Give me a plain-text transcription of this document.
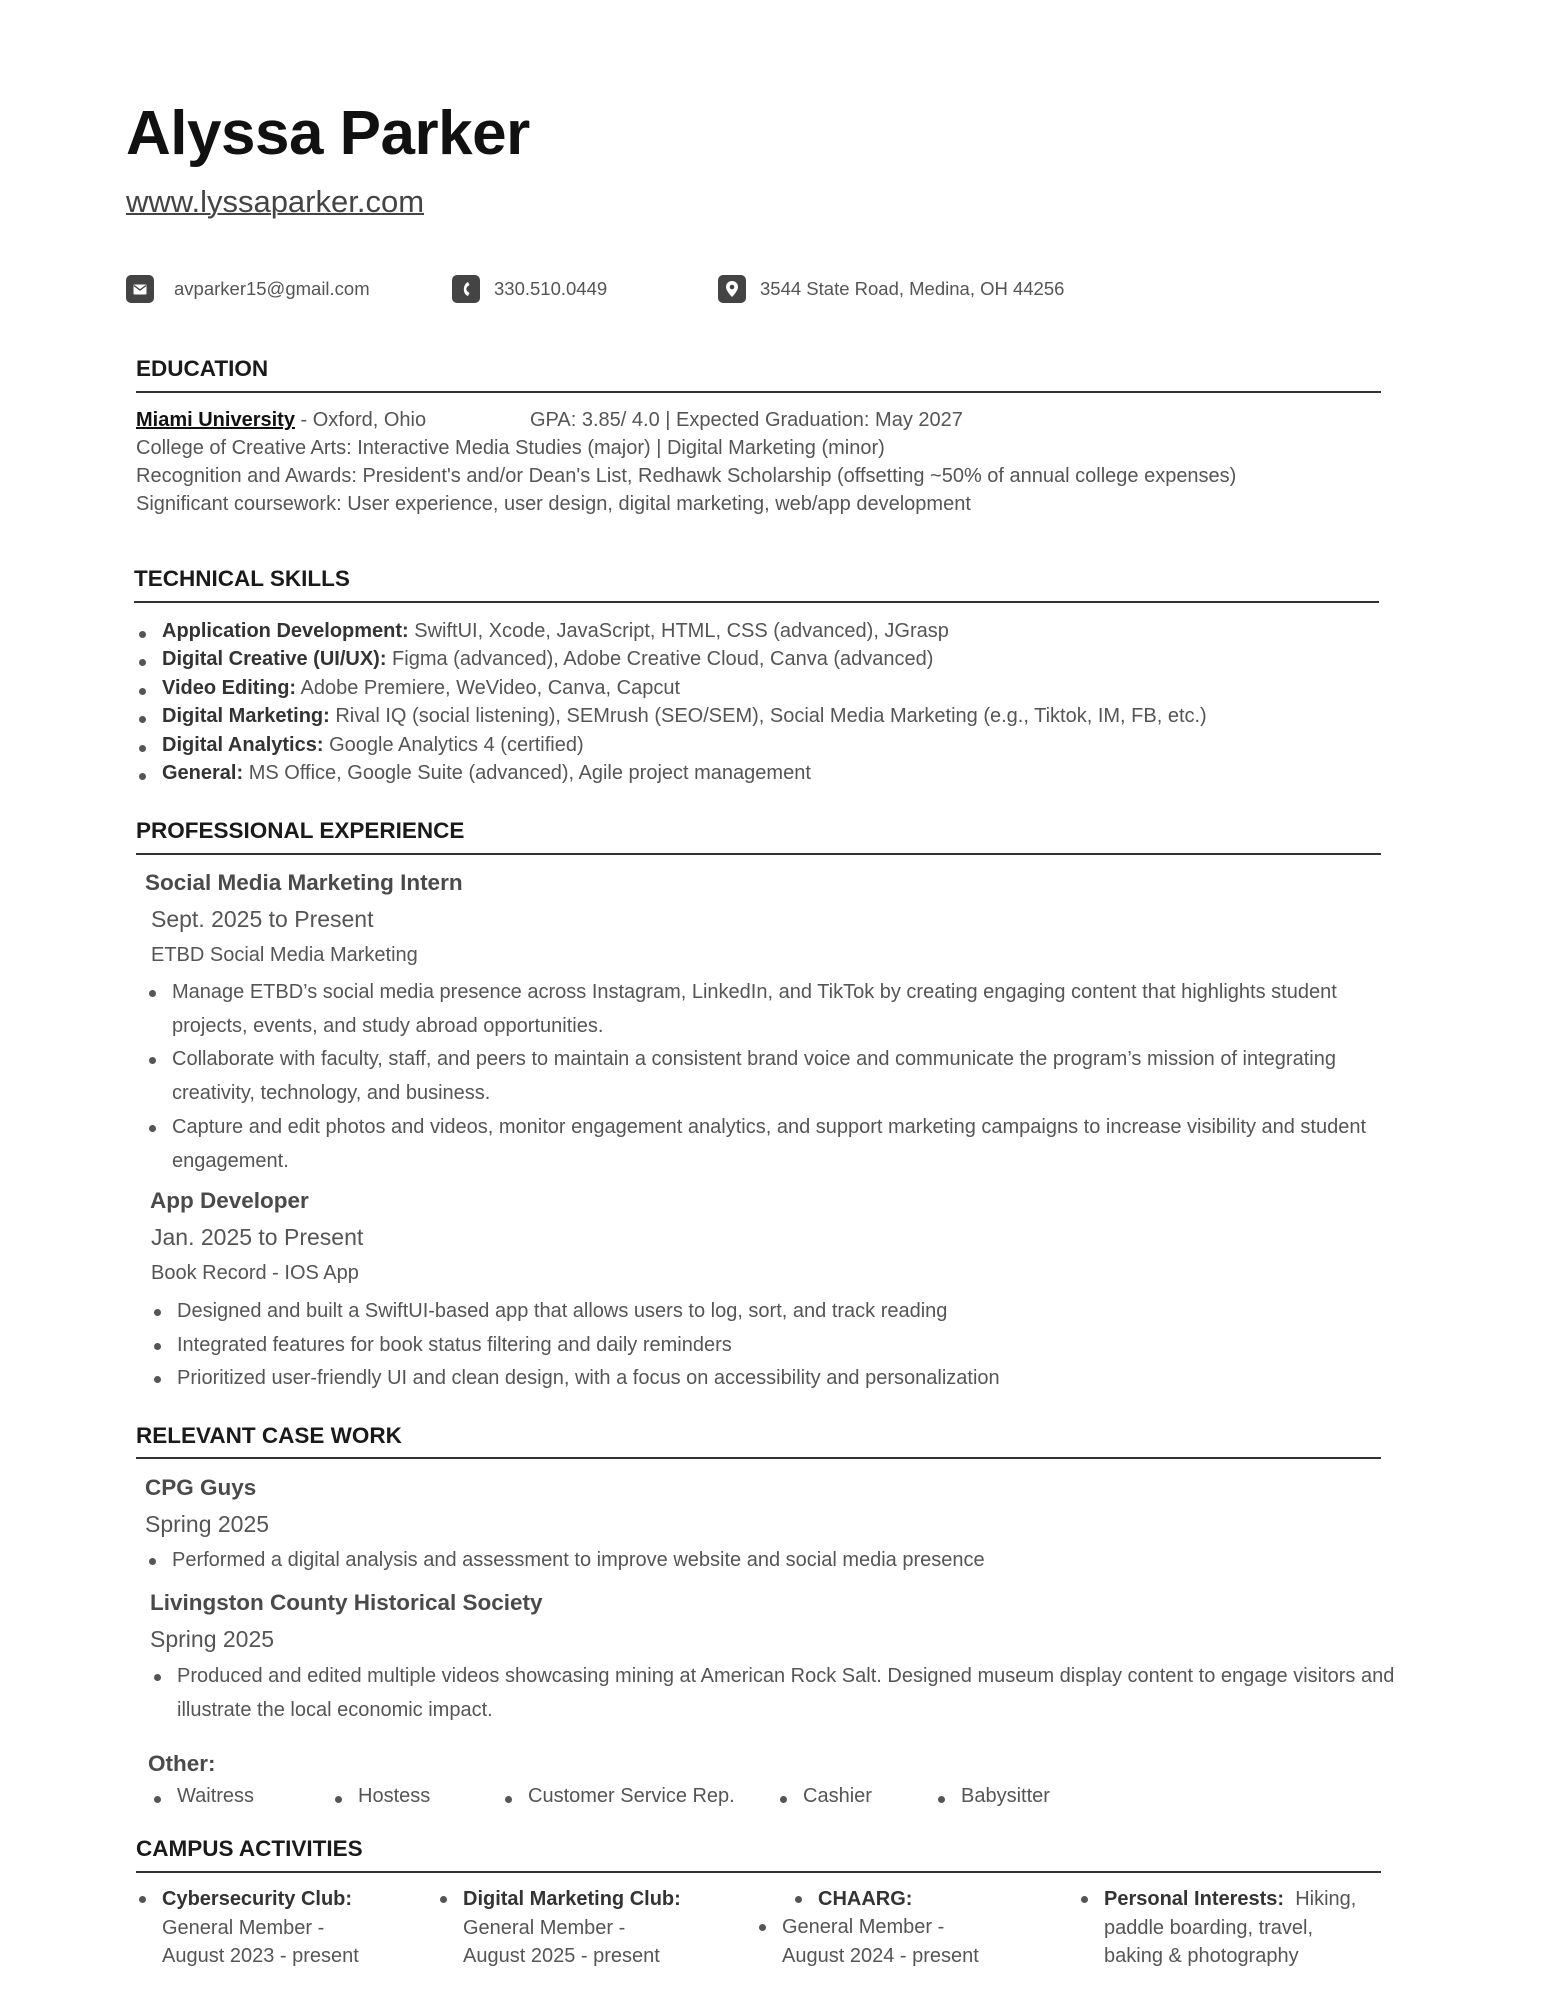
Alyssa Parker
www.lyssaparker.com
avparker15@gmail.com	330.510.0449	3544 State Road, Medina, OH 44256
EDUCATION
Miami University - Oxford, Ohio	GPA: 3.85/ 4.0 | Expected Graduation: May 2027
College of Creative Arts: Interactive Media Studies (major) | Digital Marketing (minor)
Recognition and Awards: President's and/or Dean's List, Redhawk Scholarship (offsetting ~50% of annual college expenses)
Significant coursework: User experience, user design, digital marketing, web/app development
TECHNICAL SKILLS
Application Development: SwiftUI, Xcode, JavaScript, HTML, CSS (advanced), JGrasp
Digital Creative (UI/UX): Figma (advanced), Adobe Creative Cloud, Canva (advanced)
Video Editing: Adobe Premiere, WeVideo, Canva, Capcut
Digital Marketing: Rival IQ (social listening), SEMrush (SEO/SEM), Social Media Marketing (e.g., Tiktok, IM, FB, etc.)
Digital Analytics: Google Analytics 4 (certified)
General: MS Office, Google Suite (advanced), Agile project management
PROFESSIONAL EXPERIENCE
Social Media Marketing Intern
Sept. 2025 to Present
ETBD Social Media Marketing
Manage ETBD’s social media presence across Instagram, LinkedIn, and TikTok by creating engaging content that highlights student projects, events, and study abroad opportunities.
Collaborate with faculty, staff, and peers to maintain a consistent brand voice and communicate the program’s mission of integrating creativity, technology, and business.
Capture and edit photos and videos, monitor engagement analytics, and support marketing campaigns to increase visibility and student engagement.
App Developer
Jan. 2025 to Present
Book Record - IOS App
Designed and built a SwiftUI-based app that allows users to log, sort, and track reading
Integrated features for book status filtering and daily reminders
Prioritized user-friendly UI and clean design, with a focus on accessibility and personalization
RELEVANT CASE WORK
CPG Guys
Spring 2025
Performed a digital analysis and assessment to improve website and social media presence
Livingston County Historical Society
Spring 2025
Produced and edited multiple videos showcasing mining at American Rock Salt. Designed museum display content to engage visitors and illustrate the local economic impact.
Other:
Waitress	Hostess	Customer Service Rep.	Cashier	Babysitter
CAMPUS ACTIVITIES
Cybersecurity Club:
General Member -
August 2023 - present
Digital Marketing Club:
General Member -
August 2025 - present
CHAARG:
General Member -
August 2024 - present
Personal Interests:  Hiking,
paddle boarding, travel,
baking & photography
